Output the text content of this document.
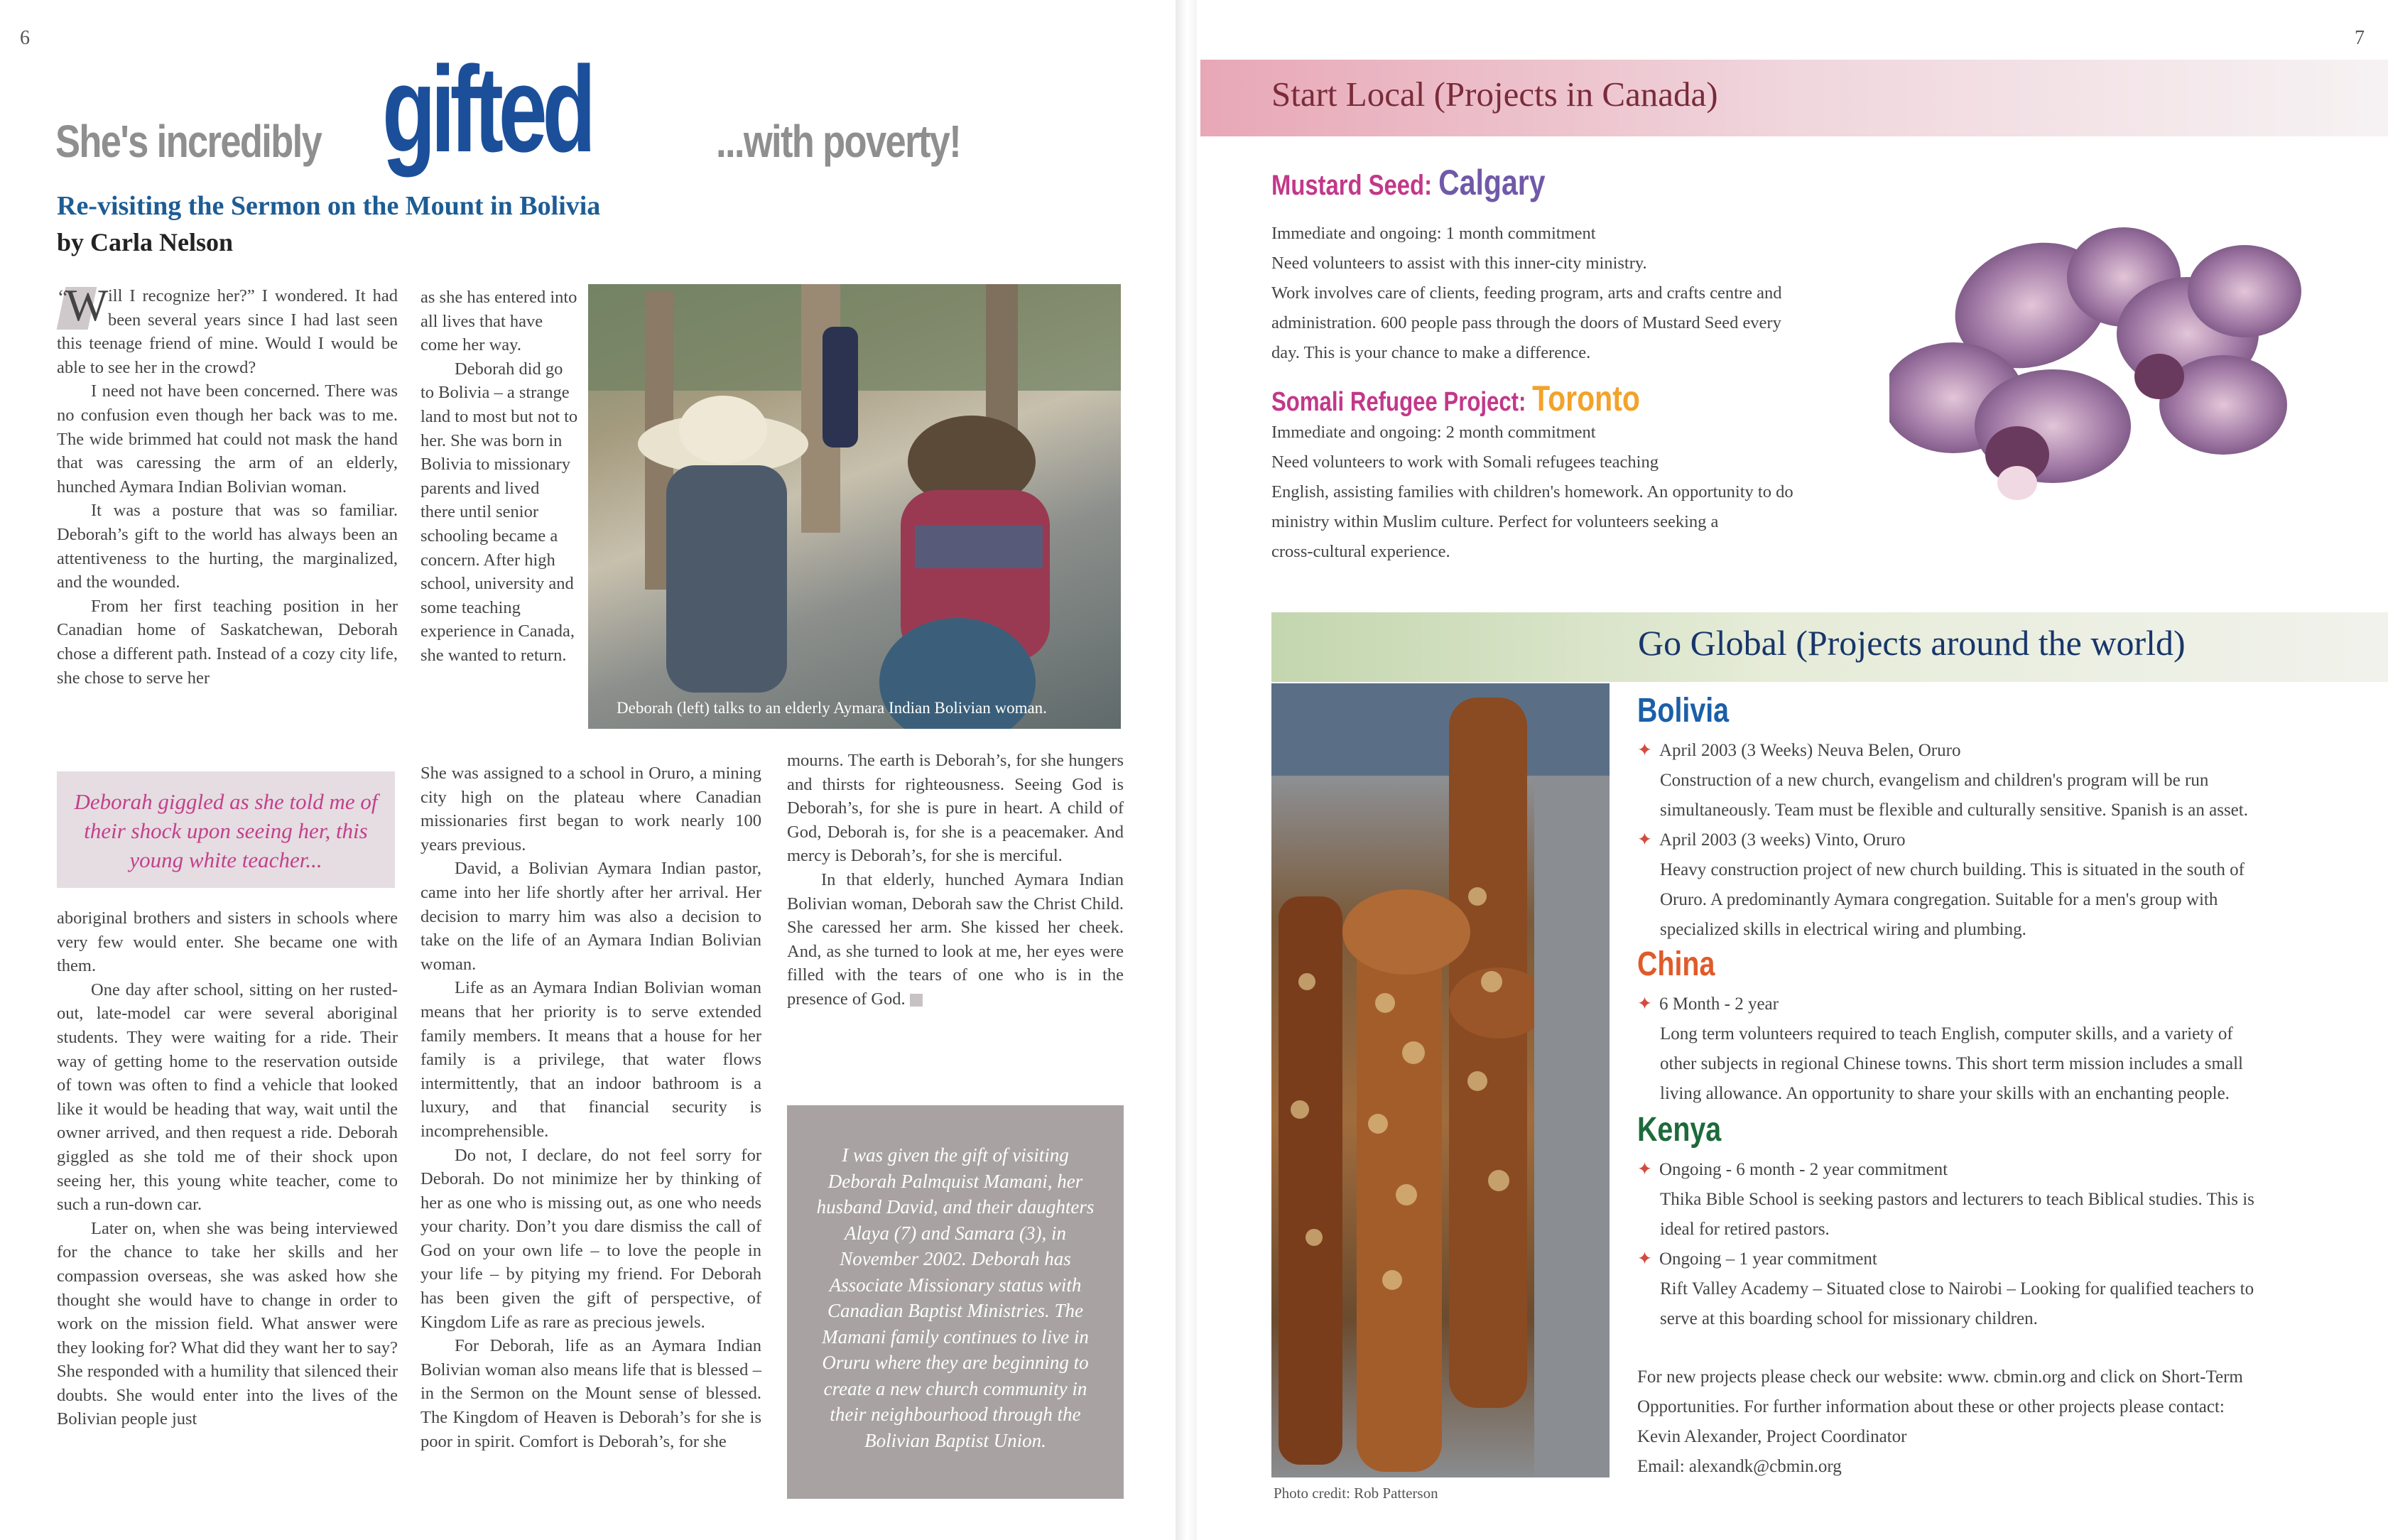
6
She's incredibly gifted	...with poverty!
Re-visiting the Sermon on the Mount in Bolivia
by Carla Nelson

“
W ill I recognize her?” I wondered. It had been several years since I had last seen this teenage friend of mine. Would I would be able to see her in the crowd?

I need not have been concerned. There was no confusion even though her back was to me. The wide brimmed hat could not mask the hand that was caressing the arm of an elderly, hunched Aymara Indian Bolivian woman.

It was a posture that was so familiar. Deborah’s gift to the world has always been an attentiveness to the hurting, the marginalized, and the wounded.

From her first teaching position in her Canadian home of Saskatchewan, Deborah chose a different path. Instead of a cozy city life, she chose to serve her

Deborah giggled as she told me of their shock upon seeing her, this young white teacher...

aboriginal brothers and sisters in schools where very few would enter. She became one with them.

One day after school, sitting on her rusted-out, late-model car were several aboriginal students. They were waiting for a ride. Their way of getting home to the reservation outside of town was often to find a vehicle that looked like it would be heading that way, wait until the owner arrived, and then request a ride. Deborah giggled as she told me of their shock upon seeing her, this young white teacher, come to such a run-down car.

Later on, when she was being interviewed for the chance to take her skills and her compassion overseas, she was asked how she thought she would have to change in order to work on the mission field. What answer were they looking for? What did they want her to say? She responded with a humility that silenced their doubts. She would enter into the lives of the Bolivian people just

as she has entered into all lives that have come her way.

Deborah did go to Bolivia – a strange land to most but not to her. She was born in Bolivia to missionary parents and lived there until senior schooling became a concern. After high school, university and some teaching experience in Canada, she wanted to return.

Deborah (left) talks to an elderly Aymara Indian Bolivian woman.

She was assigned to a school in Oruro, a mining city high on the plateau where Canadian missionaries first began to work nearly 100 years previous.

David, a Bolivian Aymara Indian pastor, came into her life shortly after her arrival. Her decision to marry him was also a decision to take on the life of an Aymara Indian Bolivian woman.

Life as an Aymara Indian Bolivian woman means that her priority is to serve extended family members. It means that a house for her family is a privilege, that water flows intermittently, that an indoor bathroom is a luxury, and that financial security is incomprehensible.

Do not, I declare, do not feel sorry for Deborah. Do not minimize her by thinking of her as one who is missing out, as one who needs your charity. Don’t you dare dismiss the call of God on your own life – to love the people in your life – by pitying my friend. For Deborah has been given the gift of perspective, of Kingdom Life as rare as precious jewels.

For Deborah, life as an Aymara Indian Bolivian woman also means life that is blessed – in the Sermon on the Mount sense of blessed. The Kingdom of Heaven is Deborah’s for she is poor in spirit. Comfort is Deborah’s, for she

mourns. The earth is Deborah’s, for she hungers and thirsts for righteousness. Seeing God is Deborah’s, for she is pure in heart. A child of God, Deborah is, for she is a peacemaker. And mercy is Deborah’s, for she is merciful.

In that elderly, hunched Aymara Indian Bolivian woman, Deborah saw the Christ Child. She caressed her arm. She kissed her cheek. And, as she turned to look at me, her eyes were filled with the tears of one who is in the presence of God.

I was given the gift of visiting Deborah Palmquist Mamani, her husband David, and their daughters Alaya (7) and Samara (3), in November 2002. Deborah has Associate Missionary status with Canadian Baptist Ministries. The Mamani family continues to live in Oruru where they are beginning to create a new church community in their neighbourhood through the Bolivian Baptist Union.
7
Start Local (Projects in Canada)
Mustard Seed: Calgary
Immediate and ongoing: 1 month commitment
Need volunteers to assist with this inner-city ministry.
Work involves care of clients, feeding program, arts and crafts centre and
administration. 600 people pass through the doors of Mustard Seed every
day. This is your chance to make a difference.
Somali Refugee Project: Toronto
Immediate and ongoing: 2 month commitment
Need volunteers to work with Somali refugees teaching
English, assisting families with children's homework. An opportunity to do
ministry within Muslim culture. Perfect for volunteers seeking a
cross-cultural experience.
Go Global (Projects around the world)
Photo credit: Rob Patterson
Bolivia
✦ April 2003 (3 Weeks) Neuva Belen, Oruro
Construction of a new church, evangelism and children's program will be run
simultaneously. Team must be flexible and culturally sensitive. Spanish is an asset.
✦ April 2003 (3 weeks) Vinto, Oruro
Heavy construction project of new church building. This is situated in the south of
Oruro. A predominantly Aymara congregation. Suitable for a men's group with
specialized skills in electrical wiring and plumbing.
China
✦ 6 Month - 2 year
Long term volunteers required to teach English, computer skills, and a variety of
other subjects in regional Chinese towns. This short term mission includes a small
living allowance. An opportunity to share your skills with an enchanting people.
Kenya
✦ Ongoing - 6 month - 2 year commitment
Thika Bible School is seeking pastors and lecturers to teach Biblical studies. This is
ideal for retired pastors.
✦ Ongoing – 1 year commitment
Rift Valley Academy – Situated close to Nairobi – Looking for qualified teachers to
serve at this boarding school for missionary children.
For new projects please check our website: www. cbmin.org and click on Short-Term
Opportunities. For further information about these or other projects please contact:
Kevin Alexander, Project Coordinator
Email: alexandk@cbmin.org
